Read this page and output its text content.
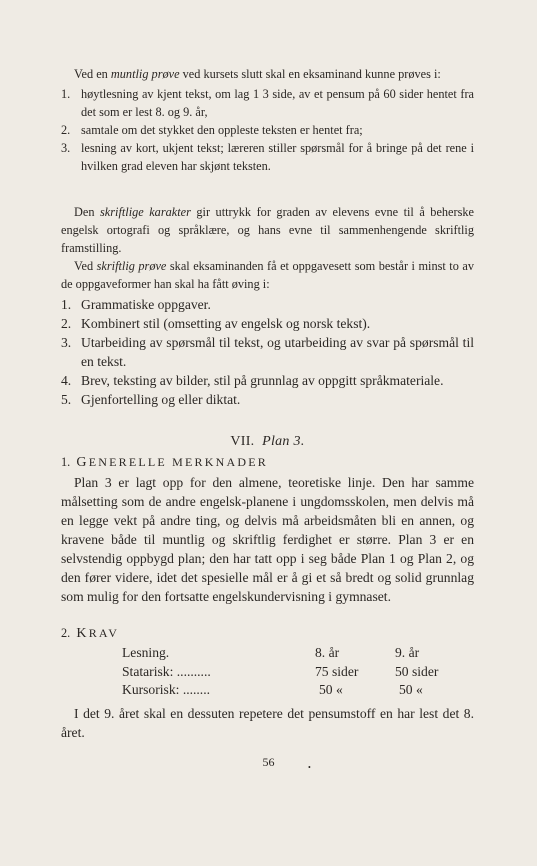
Ved en muntlig prøve ved kursets slutt skal en eksaminand kunne prøves i:

1. høytlesning av kjent tekst, om lag 1 3 side, av et pensum på 60 sider hentet fra det som er lest 8. og 9. år,
2. samtale om det stykket den oppleste teksten er hentet fra;
3. lesning av kort, ukjent tekst; læreren stiller spørsmål for å bringe på det rene i hvilken grad eleven har skjønt teksten.

Den skriftlige karakter gir uttrykk for graden av elevens evne til å beherske engelsk ortografi og språklære, og hans evne til sammenhengende skriftlig framstilling.

Ved skriftlig prøve skal eksaminanden få et oppgavesett som består i minst to av de oppgaveformer han skal ha fått øving i:

1. Grammatiske oppgaver.
2. Kombinert stil (omsetting av engelsk og norsk tekst).
3. Utarbeiding av spørsmål til tekst, og utarbeiding av svar på spørsmål til en tekst.
4. Brev, teksting av bilder, stil på grunnlag av oppgitt språkmateriale.
5. Gjenfortelling og eller diktat.
VII. Plan 3.
1. GENERELLE MERKNADER

Plan 3 er lagt opp for den almene, teoretiske linje. Den har samme målsetting som de andre engelsk-planene i ungdomsskolen, men delvis må en legge vekt på andre ting, og delvis må arbeidsmåten bli en annen, og kravene både til muntlig og skriftlig ferdighet er større. Plan 3 er en selvstendig oppbygd plan; den har tatt opp i seg både Plan 1 og Plan 2, og den fører videre, idet det spesielle mål er å gi et så bredt og solid grunnlag som mulig for den fortsatte engelskundervisning i gymnaset.

2. KRAV
Lesning.	8. år	9. år
Statarisk: ..........	75 sider	50 sider
Kursorisk: ........	50 «	50 «

I det 9. året skal en dessuten repetere det pensumstoff en har lest det 8. året.

56	•
